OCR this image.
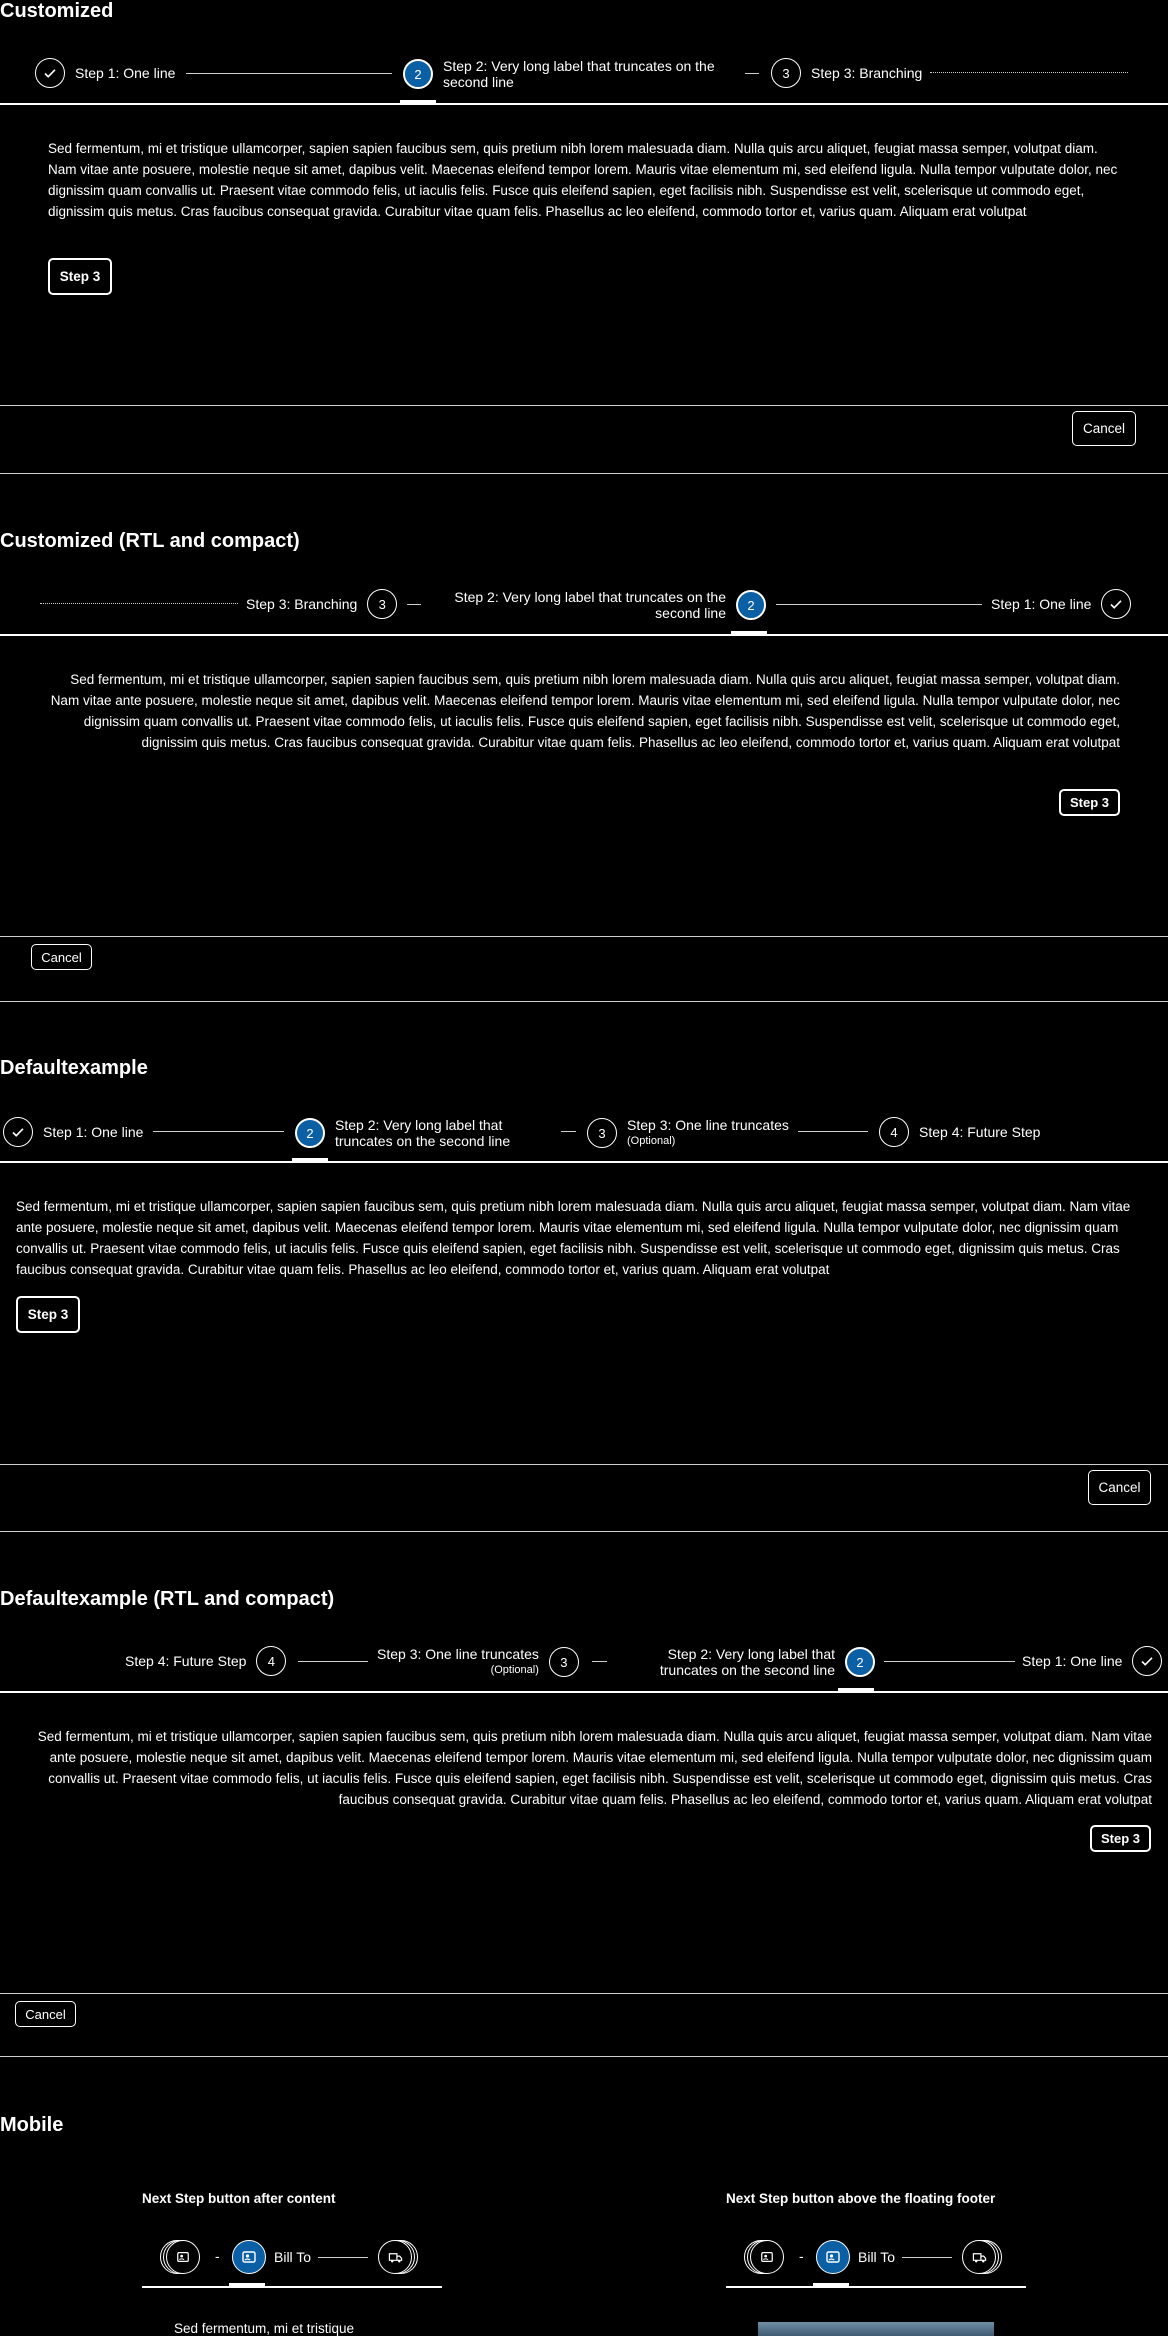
Customized
Step 1: One line	2	Step 2: Very long label that truncates on the second line
3	Step 3: Branching

Sed fermentum, mi et tristique ullamcorper, sapien sapien faucibus sem, quis pretium nibh lorem malesuada diam. Nulla quis arcu aliquet, feugiat massa semper, volutpat diam. Nam vitae ante posuere, molestie neque sit amet, dapibus velit. Maecenas eleifend tempor lorem. Mauris vitae elementum mi, sed eleifend ligula. Nulla tempor vulputate dolor, nec dignissim quam convallis ut. Praesent vitae commodo felis, ut iaculis felis. Fusce quis eleifend sapien, eget facilisis nibh. Suspendisse est velit, scelerisque ut commodo eget, dignissim quis metus. Cras faucibus consequat gravida. Curabitur vitae quam felis. Phasellus ac leo eleifend, commodo tortor et, varius quam. Aliquam erat volutpat

Step 3
Cancel
Customized (RTL and compact)
Step 3: Branching	3	Step 2: Very long label that truncates on the second line	2	Step 1: One line

Sed fermentum, mi et tristique ullamcorper, sapien sapien faucibus sem, quis pretium nibh lorem malesuada diam. Nulla quis arcu aliquet, feugiat massa semper, volutpat diam. Nam vitae ante posuere, molestie neque sit amet, dapibus velit. Maecenas eleifend tempor lorem. Mauris vitae elementum mi, sed eleifend ligula. Nulla tempor vulputate dolor, nec dignissim quam convallis ut. Praesent vitae commodo felis, ut iaculis felis. Fusce quis eleifend sapien, eget facilisis nibh. Suspendisse est velit, scelerisque ut commodo eget, dignissim quis metus. Cras faucibus consequat gravida. Curabitur vitae quam felis. Phasellus ac leo eleifend, commodo tortor et, varius quam. Aliquam erat volutpat

Step 3
Cancel
Defaultexample
Step 1: One line	2	Step 2: Very long label that truncates on the second line	3	Step 3: One line truncates
(Optional)
4	Step 4: Future Step

Sed fermentum, mi et tristique ullamcorper, sapien sapien faucibus sem, quis pretium nibh lorem malesuada diam. Nulla quis arcu aliquet, feugiat massa semper, volutpat diam. Nam vitae ante posuere, molestie neque sit amet, dapibus velit. Maecenas eleifend tempor lorem. Mauris vitae elementum mi, sed eleifend ligula. Nulla tempor vulputate dolor, nec dignissim quam convallis ut. Praesent vitae commodo felis, ut iaculis felis. Fusce quis eleifend sapien, eget facilisis nibh. Suspendisse est velit, scelerisque ut commodo eget, dignissim quis metus. Cras faucibus consequat gravida. Curabitur vitae quam felis. Phasellus ac leo eleifend, commodo tortor et, varius quam. Aliquam erat volutpat

Step 3
Cancel
Defaultexample (RTL and compact)
Step 4: Future Step	4	Step 3: One line truncates
(Optional)
3	Step 2: Very long label that truncates on the second line	2	Step 1: One line

Sed fermentum, mi et tristique ullamcorper, sapien sapien faucibus sem, quis pretium nibh lorem malesuada diam. Nulla quis arcu aliquet, feugiat massa semper, volutpat diam. Nam vitae ante posuere, molestie neque sit amet, dapibus velit. Maecenas eleifend tempor lorem. Mauris vitae elementum mi, sed eleifend ligula. Nulla tempor vulputate dolor, nec dignissim quam convallis ut. Praesent vitae commodo felis, ut iaculis felis. Fusce quis eleifend sapien, eget facilisis nibh. Suspendisse est velit, scelerisque ut commodo eget, dignissim quis metus. Cras faucibus consequat gravida. Curabitur vitae quam felis. Phasellus ac leo eleifend, commodo tortor et, varius quam. Aliquam erat volutpat

Step 3
Cancel
Mobile
Next Step button after content
-	Bill To
Sed fermentum, mi et tristique
Next Step button above the floating footer
-	Bill To
